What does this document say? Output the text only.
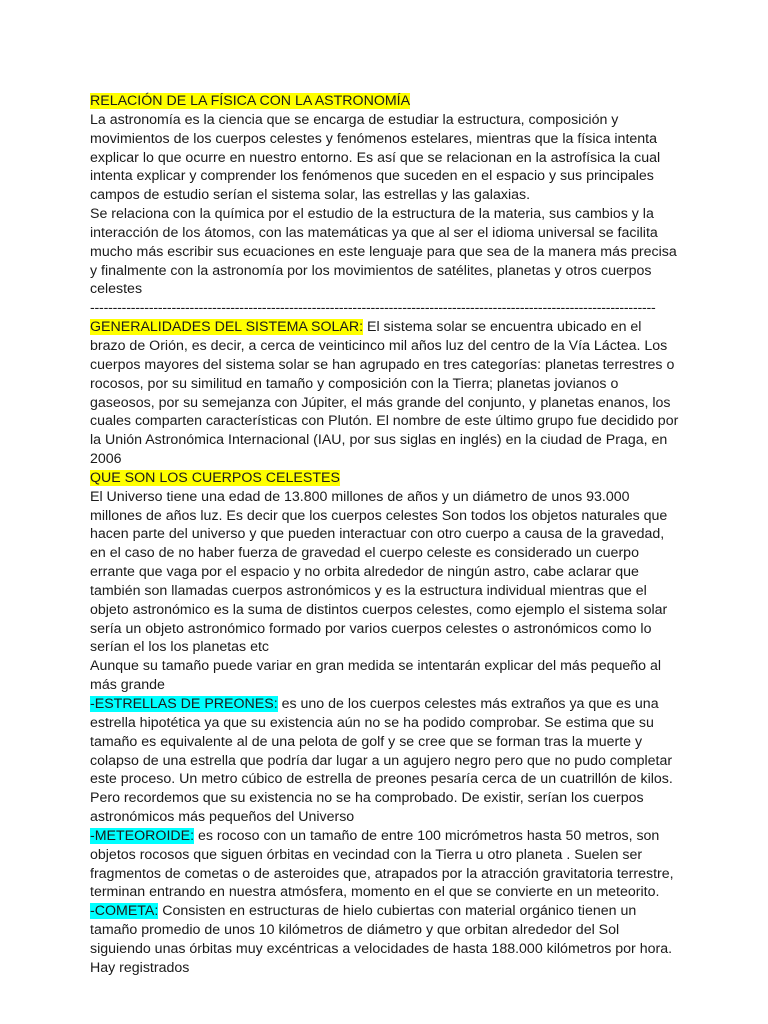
RELACIÓN DE LA FÍSICA CON LA ASTRONOMÍA

La astronomía es la ciencia que se encarga de estudiar la estructura, composición y movimientos de los cuerpos celestes y fenómenos estelares, mientras que la física intenta explicar lo que ocurre en nuestro entorno. Es así que se relacionan en la astrofísica la cual intenta explicar y comprender los fenómenos que suceden en el espacio y sus principales campos de estudio serían el sistema solar, las estrellas y las galaxias.

Se relaciona con la química por el estudio de la estructura de la materia, sus cambios y la interacción de los átomos, con las matemáticas ya que al ser el idioma universal se facilita mucho más escribir sus ecuaciones en este lenguaje para que sea de la manera más precisa y finalmente con la astronomía por los movimientos de satélites, planetas y otros cuerpos celestes

-----------------------------------------------------------------------------------------------------------------------------

GENERALIDADES DEL SISTEMA SOLAR: El sistema solar se encuentra ubicado en el brazo de Orión, es decir, a cerca de veinticinco mil años luz del centro de la Vía Láctea. Los cuerpos mayores del sistema solar se han agrupado en tres categorías: planetas terrestres o rocosos, por su similitud en tamaño y composición con la Tierra; planetas jovianos o gaseosos, por su semejanza con Júpiter, el más grande del conjunto, y planetas enanos, los cuales comparten características con Plutón. El nombre de este último grupo fue decidido por la Unión Astronómica Internacional (IAU, por sus siglas en inglés) en la ciudad de Praga, en 2006

QUE SON LOS CUERPOS CELESTES

El Universo tiene una edad de 13.800 millones de años y un diámetro de unos 93.000 millones de años luz. Es decir que los cuerpos celestes Son todos los objetos naturales que hacen parte del universo y que pueden interactuar con otro cuerpo a causa de la gravedad, en el caso de no haber fuerza de gravedad el cuerpo celeste es considerado un cuerpo errante que vaga por el espacio y no orbita alrededor de ningún astro, cabe aclarar que también son llamadas cuerpos astronómicos y es la estructura individual mientras que el objeto astronómico es la suma de distintos cuerpos celestes, como ejemplo el sistema solar sería un objeto astronómico formado por varios cuerpos celestes o astronómicos como lo serían el los los planetas etc

Aunque su tamaño puede variar en gran medida se intentarán explicar del más pequeño al más grande

-ESTRELLAS DE PREONES: es uno de los cuerpos celestes más extraños ya que es una estrella hipotética ya que su existencia aún no se ha podido comprobar. Se estima que su tamaño es equivalente al de una pelota de golf y se cree que se forman tras la muerte y colapso de una estrella que podría dar lugar a un agujero negro pero que no pudo completar este proceso. Un metro cúbico de estrella de preones pesaría cerca de un cuatrillón de kilos. Pero recordemos que su existencia no se ha comprobado. De existir, serían los cuerpos astronómicos más pequeños del Universo

-METEOROIDE: es rocoso con un tamaño de entre 100 micrómetros hasta 50 metros, son objetos rocosos que siguen órbitas en vecindad con la Tierra u otro planeta . Suelen ser fragmentos de cometas o de asteroides que, atrapados por la atracción gravitatoria terrestre, terminan entrando en nuestra atmósfera, momento en el que se convierte en un meteorito.

-COMETA: Consisten en estructuras de hielo cubiertas con material orgánico tienen un tamaño promedio de unos 10 kilómetros de diámetro y que orbitan alrededor del Sol siguiendo unas órbitas muy excéntricas a velocidades de hasta 188.000 kilómetros por hora. Hay registrados
